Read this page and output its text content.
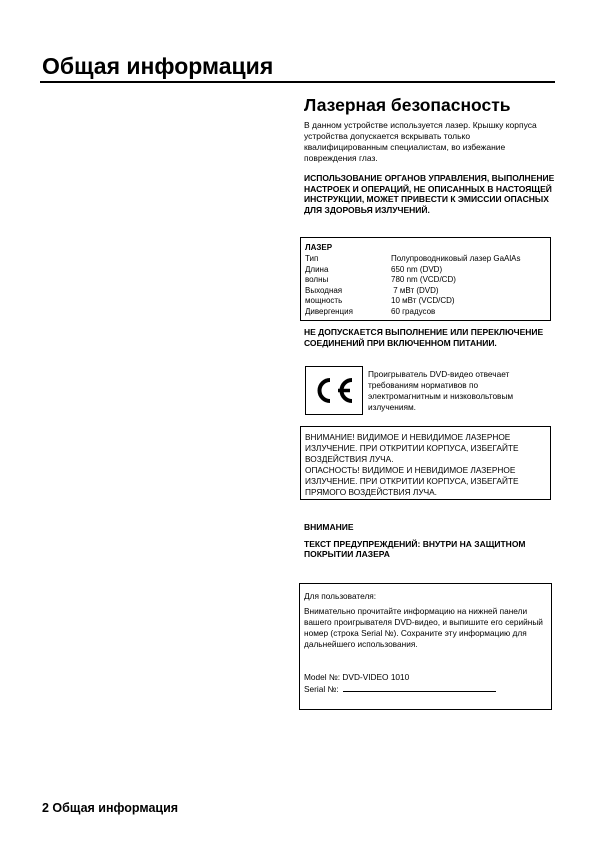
Общая информация
Лазерная безопасность

В данном устройстве используется лазер. Крышку корпуса устройства допускается вскрывать только квалифицированным специалистам, во избежание повреждения глаз.

ИСПОЛЬЗОВАНИЕ ОРГАНОВ УПРАВЛЕНИЯ, ВЫПОЛНЕНИЕ НАСТРОЕК И ОПЕРАЦИЙ, НЕ ОПИСАННЫХ В НАСТОЯЩЕЙ ИНСТРУКЦИИ, МОЖЕТ ПРИВЕСТИ К ЭМИССИИ ОПАСНЫХ ДЛЯ ЗДОРОВЬЯ ИЗЛУЧЕНИЙ.

ЛАЗЕР

Тип	Полупроводниковый лазер GaAlAs
Длина	650 nm (DVD)
волны	780 nm (VCD/CD)
Выходная	7 мВт (DVD)
мощность	10 мВт (VCD/CD)
Дивергенция	60 градусов

НЕ ДОПУСКАЕТСЯ ВЫПОЛНЕНИЕ ИЛИ ПЕРЕКЛЮЧЕНИЕ СОЕДИНЕНИЙ ПРИ ВКЛЮЧЕННОМ ПИТАНИИ.

Проигрыватель DVD-видео отвечает требованиям нормативов по электромагнитным и низковольтовым излучениям.

ВНИМАНИЕ! ВИДИМОЕ И НЕВИДИМОЕ ЛАЗЕРНОЕ ИЗЛУЧЕНИЕ. ПРИ ОТКРИТИИ КОРПУСА, ИЗБЕГАЙТЕ ВОЗДЕЙСТВИЯ ЛУЧА.

ОПАСНОСТЬ! ВИДИМОЕ И НЕВИДИМОЕ ЛАЗЕРНОЕ ИЗЛУЧЕНИЕ. ПРИ ОТКРИТИИ КОРПУСА, ИЗБЕГАЙТЕ ПРЯМОГО ВОЗДЕЙСТВИЯ ЛУЧА.

ВНИМАНИЕ

ТЕКСТ ПРЕДУПРЕЖДЕНИЙ: ВНУТРИ НА ЗАЩИТНОМ ПОКРЫТИИ ЛАЗЕРА

Для пользователя:

Внимательно прочитайте информацию на нижней панели вашего проигрывателя DVD-видео, и выпишите его серийный номер (строка Serial №). Сохраните эту информацию для дальнейшего использования.

Model №: DVD-VIDEO 1010

Serial №:

2 Общая информация
